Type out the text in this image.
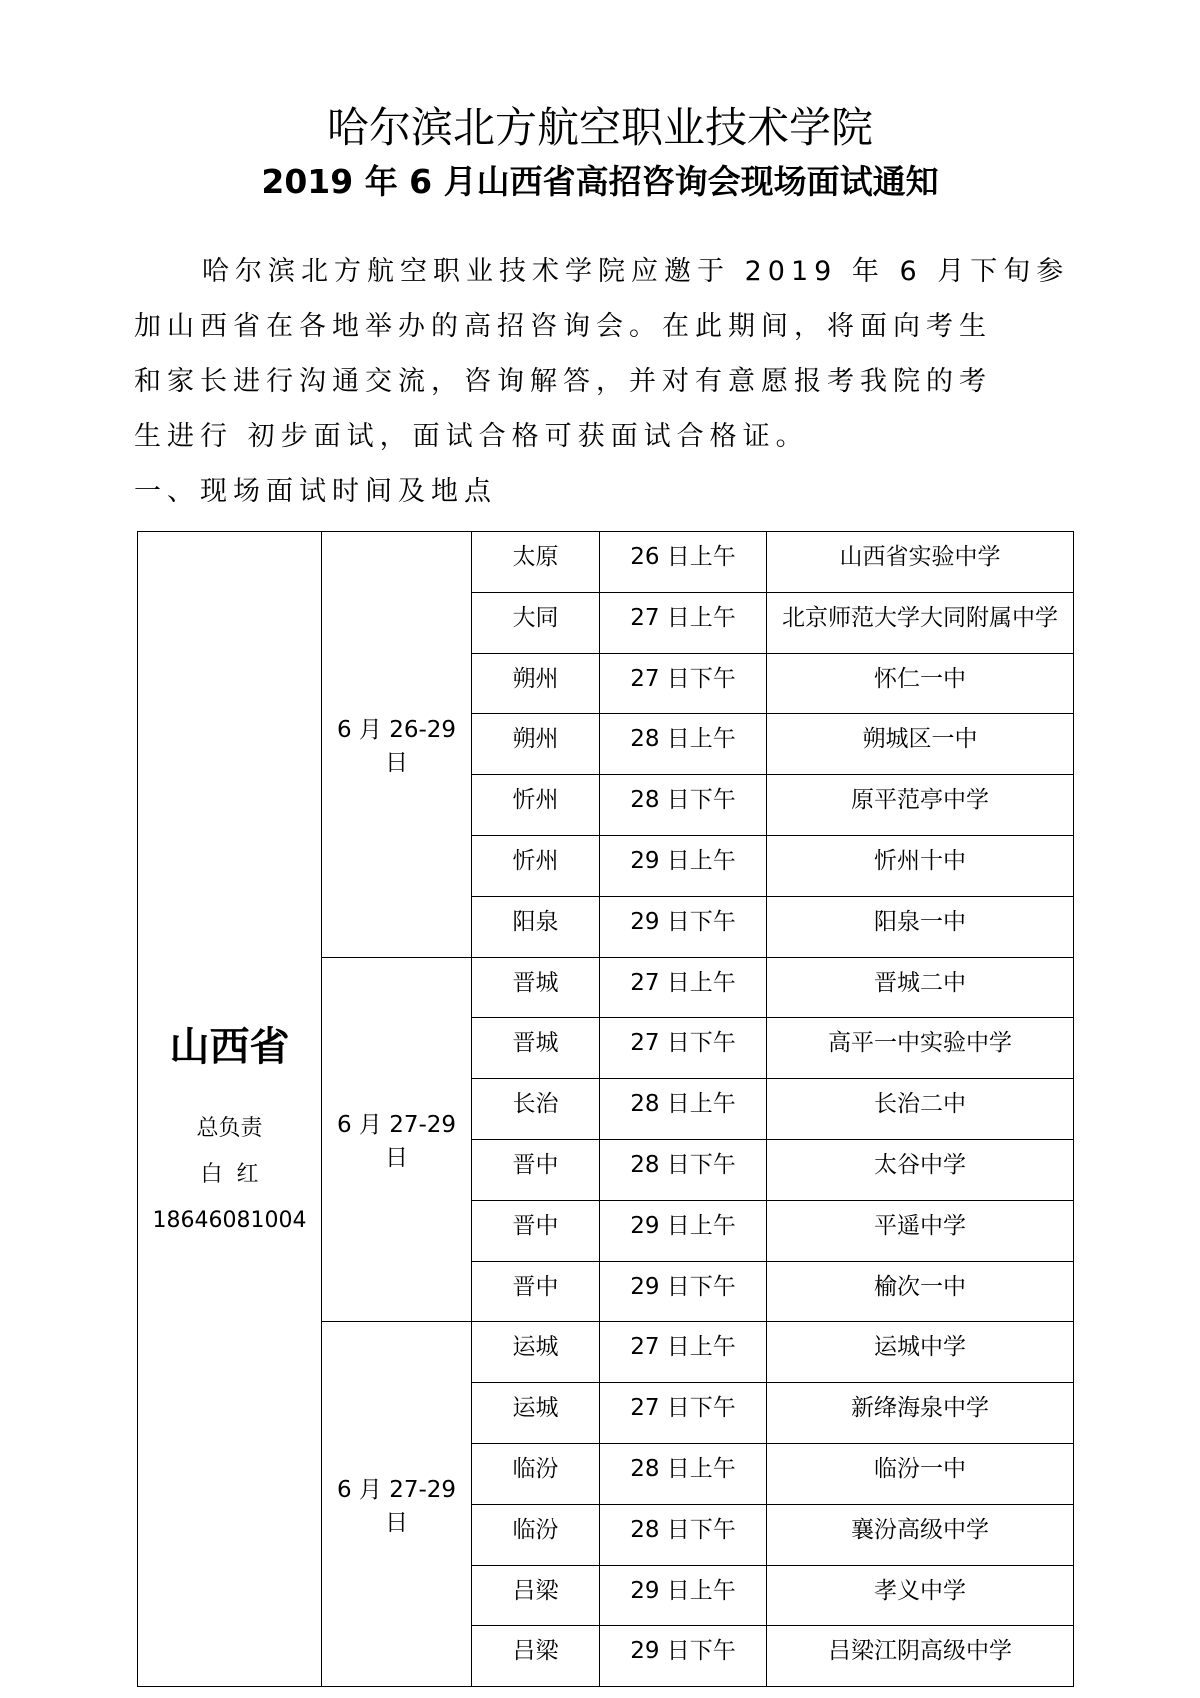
哈尔滨北方航空职业技术学院
2019 年 6 月山西省高招咨询会现场面试通知

哈尔滨北方航空职业技术学院应邀于 2019 年 6 月下旬参

加山西省在各地举办的高招咨询会。在此期间，将面向考生

和家长进行沟通交流，咨询解答，并对有意愿报考我院的考

生进行 初步面试，面试合格可获面试合格证。

一、现场面试时间及地点
山西省
总负责
白  红
18646081004	6 月 26-29 日	太原	26 日上午	山西省实验中学
		大同	27 日上午	北京师范大学大同附属中学
		朔州	27 日下午	怀仁一中
		朔州	28 日上午	朔城区一中
		忻州	28 日下午	原平范亭中学
		忻州	29 日上午	忻州十中
		阳泉	29 日下午	阳泉一中
	6 月 27-29 日	晋城	27 日上午	晋城二中
		晋城	27 日下午	高平一中实验中学
		长治	28 日上午	长治二中
		晋中	28 日下午	太谷中学
		晋中	29 日上午	平遥中学
		晋中	29 日下午	榆次一中
	6 月 27-29 日	运城	27 日上午	运城中学
		运城	27 日下午	新绛海泉中学
		临汾	28 日上午	临汾一中
		临汾	28 日下午	襄汾高级中学
		吕梁	29 日上午	孝义中学
		吕梁	29 日下午	吕梁江阴高级中学
